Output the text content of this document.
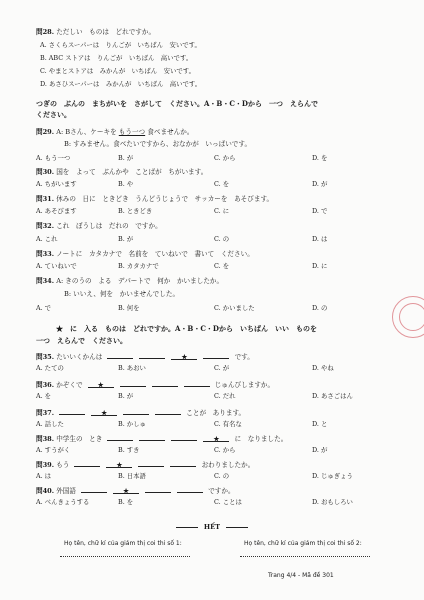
問28. ただしい　ものは　どれですか。
A. さくらスーパーは　りんごが　いちばん　安いです。
B. ABC ストアは　りんごが　いちばん　高いです。
C. やまとストアは　みかんが　いちばん　安いです。
D. あさひスーパーは　みかんが　いちばん　高いです。
つぎの　ぶんの　まちがいを　さがして　ください。A・B・C・Dから　一つ　えらんで
ください。
問29. A: Bさん、ケーキを もう一つ 食べませんか。
B: すみません。食べたいですから、おなかが　いっぱいです。
A. もう一つ	B. が	C. から	D. を
問30. 国を　よって　ぶんかや　ことばが　ちがいます。
A. ちがいます	B. や	C. を	D. が
問31. 休みの　日に　ときどき　うんどうじょうで　サッカーを　あそびます。
A. あそびます	B. ときどき	C. に	D. で
問32. これ　ぼうしは　だれの　ですか。
A. これ	B. が	C. の	D. は
問33. ノートに　カタカナで　名前を　ていねいで　書いて　ください。
A. ていねいで	B. カタカナで	C. を	D. に
問34. A: きのうの　よる　デパートで　何か　かいましたか。
B: いいえ、何を　かいませんでした。
A. で	B. 何を	C. かいました	D. の
★　に　入る　ものは　どれですか。A・B・C・Dから　いちばん　いい　ものを
一つ　えらんで　ください。
問35. たいいくかんは	★	です。
A. たての	B. あおい	C. が	D. やね
問36. かぞくで ★	じゅんびしますか。
A. を	B. が	C. だれ	D. あさごはん
問37.	★	ことが　あります。
A. 話した	B. かしゅ	C. 有名な	D. と
問38. 中学生の　とき	★ に　なりました。
A. すうがく	B. すき	C. から	D. が
問39. もう	★	おわりましたか。
A. は	B. 日本語	C. の	D. じゅぎょう
問40. 外国語	★	ですか。
A. べんきょうする	B. を	C. ことは	D. おもしろい
HẾT
Họ tên, chữ kí của giám thị coi thi số 1:	Họ tên, chữ kí của giám thị coi thi số 2:
Trang 4/4 - Mã đề 301
